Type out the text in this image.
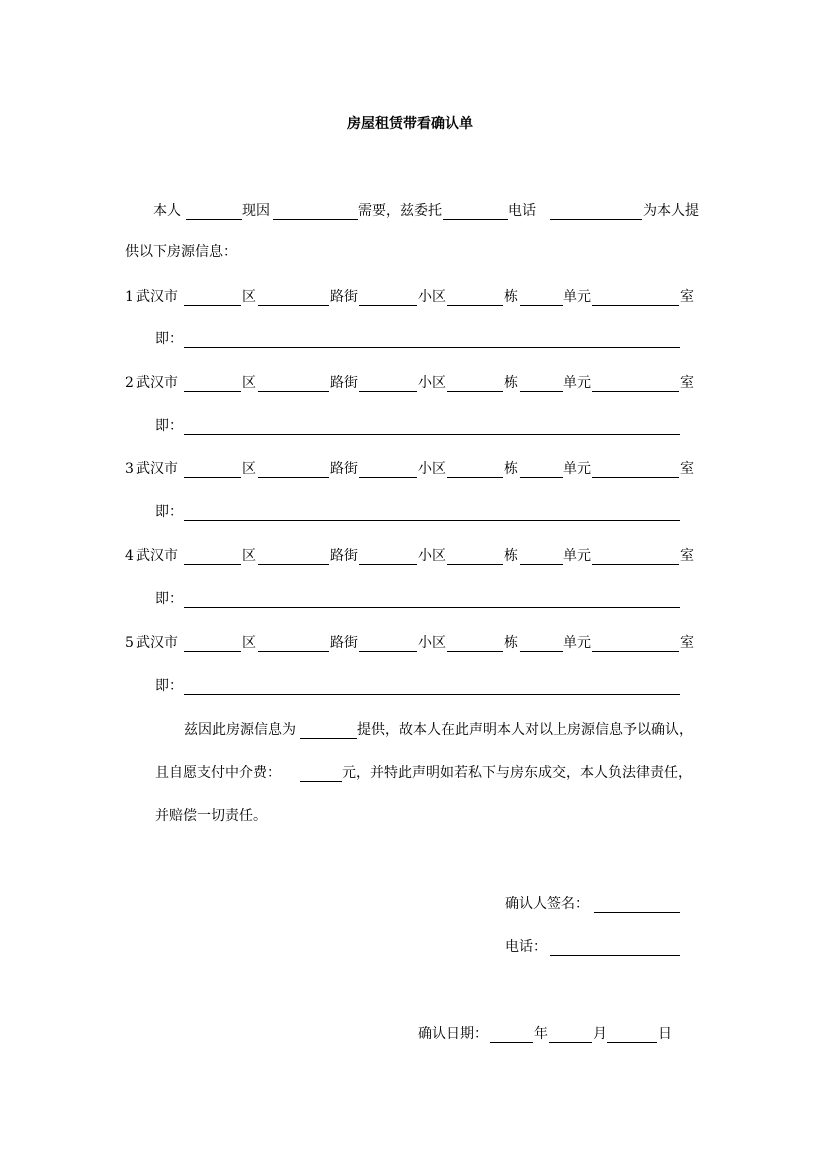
房屋租赁带看确认单
本人	现因	需要，兹委托	电话	为本人提
供以下房源信息：
1 武汉市	区	路街	小区	栋	单元	室
即：
2 武汉市	区	路街	小区	栋	单元	室
即：
3 武汉市	区	路街	小区	栋	单元	室
即：
4 武汉市	区	路街	小区	栋	单元	室
即：
5 武汉市	区	路街	小区	栋	单元	室
即：
兹因此房源信息为	提供，故本人在此声明本人对以上房源信息予以确认，
且自愿支付中介费：	元，并特此声明如若私下与房东成交，本人负法律责任，
并赔偿一切责任。
确认人签名：
电话：
确认日期：	年	月	日
